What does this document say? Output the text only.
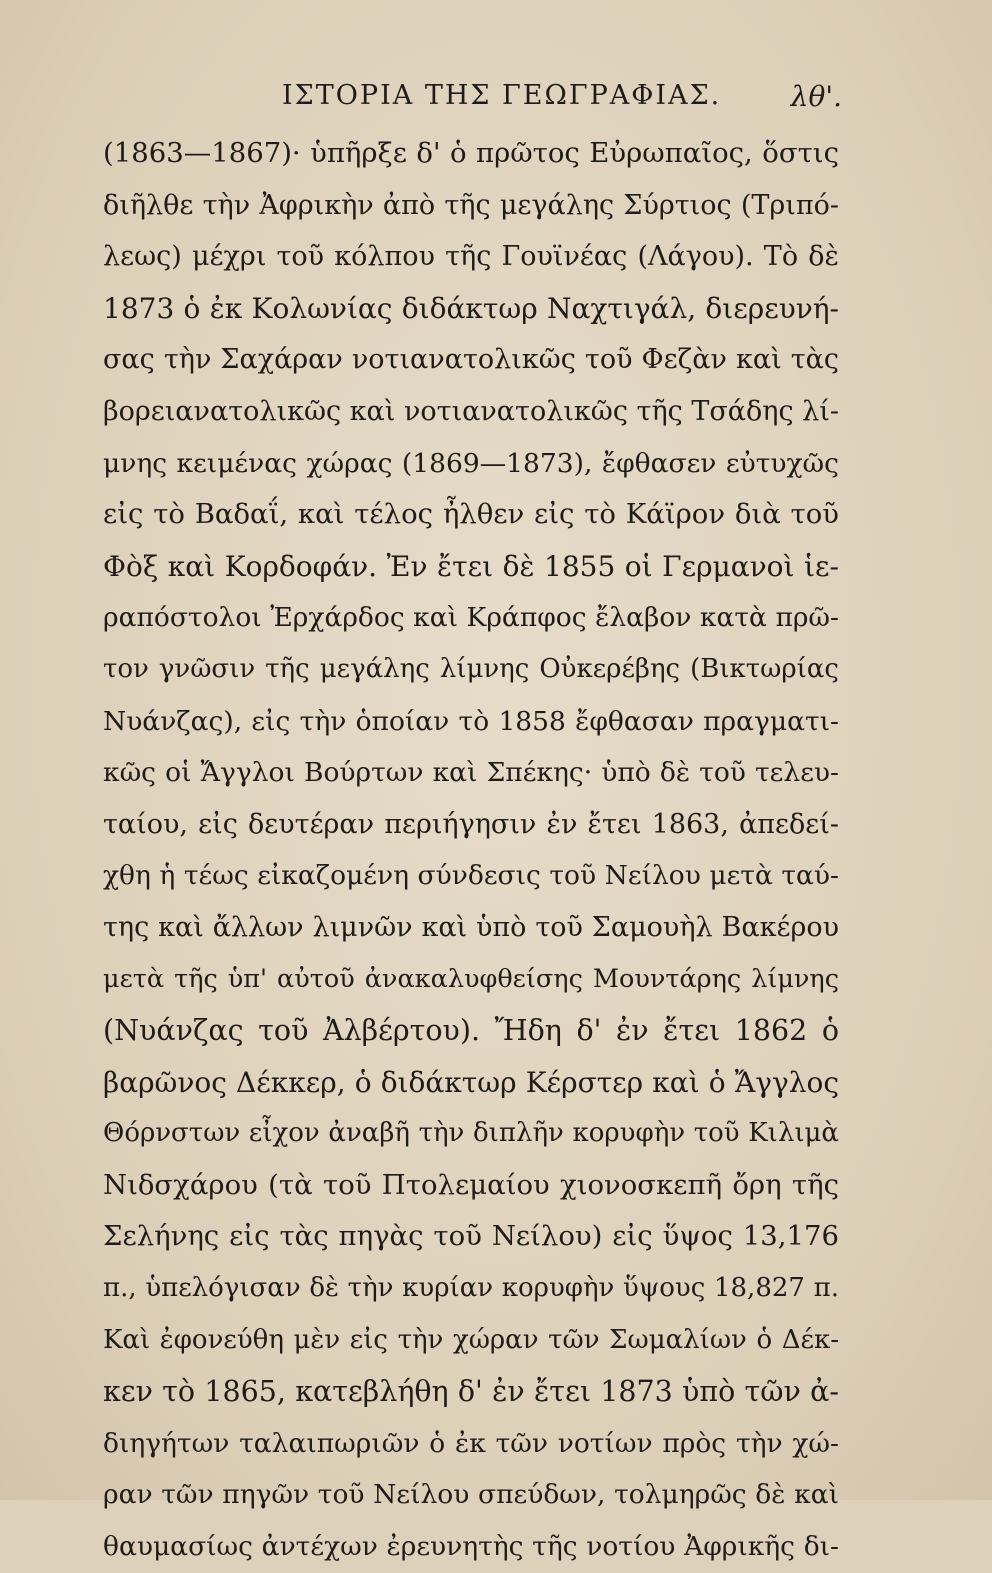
ΙΣΤΟΡΙΑ ΤΗΣ ΓΕΩΓΡΑΦΙΑΣ. λθ'.
(1863—1867)· ὑπῆρξε δ' ὁ πρῶτος Εὐρωπαῖος, ὅστις
διῆλθε τὴν Ἀφρικὴν ἀπὸ τῆς μεγάλης Σύρτιος (Τριπό-
λεως) μέχρι τοῦ κόλπου τῆς Γουϊνέας (Λάγου). Τὸ δὲ
1873 ὁ ἐκ Κολωνίας διδάκτωρ Ναχτιγάλ, διερευνή-
σας τὴν Σαχάραν νοτιανατολικῶς τοῦ Φεζὰν καὶ τὰς
βορειανατολικῶς καὶ νοτιανατολικῶς τῆς Τσάδης λί-
μνης κειμένας χώρας (1869—1873), ἔφθασεν εὐτυχῶς
εἰς τὸ Βαδαΐ, καὶ τέλος ἦλθεν εἰς τὸ Κάϊρον διὰ τοῦ
Φὸξ καὶ Κορδοφάν. Ἐν ἔτει δὲ 1855 οἱ Γερμανοὶ ἱε-
ραπόστολοι Ἐρχάρδος καὶ Κράπφος ἔλαβον κατὰ πρῶ-
τον γνῶσιν τῆς μεγάλης λίμνης Οὐκερέβης (Βικτωρίας
Νυάνζας), εἰς τὴν ὁποίαν τὸ 1858 ἔφθασαν πραγματι-
κῶς οἱ Ἄγγλοι Βούρτων καὶ Σπέκης· ὑπὸ δὲ τοῦ τελευ-
ταίου, εἰς δευτέραν περιήγησιν ἐν ἔτει 1863, ἀπεδεί-
χθη ἡ τέως εἰκαζομένη σύνδεσις τοῦ Νείλου μετὰ ταύ-
της καὶ ἄλλων λιμνῶν καὶ ὑπὸ τοῦ Σαμουὴλ Βακέρου
μετὰ τῆς ὑπ' αὐτοῦ ἀνακαλυφθείσης Μουντάρης λίμνης
(Νυάνζας τοῦ Ἀλβέρτου). Ἤδη δ' ἐν ἔτει 1862 ὁ
βαρῶνος Δέκκερ, ὁ διδάκτωρ Κέρστερ καὶ ὁ Ἄγγλος
Θόρνστων εἶχον ἀναβῆ τὴν διπλῆν κορυφὴν τοῦ Κιλιμὰ
Νιδσχάρου (τὰ τοῦ Πτολεμαίου χιονοσκεπῆ ὄρη τῆς
Σελήνης εἰς τὰς πηγὰς τοῦ Νείλου) εἰς ὕψος 13,176
π., ὑπελόγισαν δὲ τὴν κυρίαν κορυφὴν ὕψους 18,827 π.
Καὶ ἐφονεύθη μὲν εἰς τὴν χώραν τῶν Σωμαλίων ὁ Δέκ-
κεν τὸ 1865, κατεβλήθη δ' ἐν ἔτει 1873 ὑπὸ τῶν ἀ-
διηγήτων ταλαιπωριῶν ὁ ἐκ τῶν νοτίων πρὸς τὴν χώ-
ραν τῶν πηγῶν τοῦ Νείλου σπεύδων, τολμηρῶς δὲ καὶ
θαυμασίως ἀντέχων ἐρευνητὴς τῆς νοτίου Ἀφρικῆς δι-
